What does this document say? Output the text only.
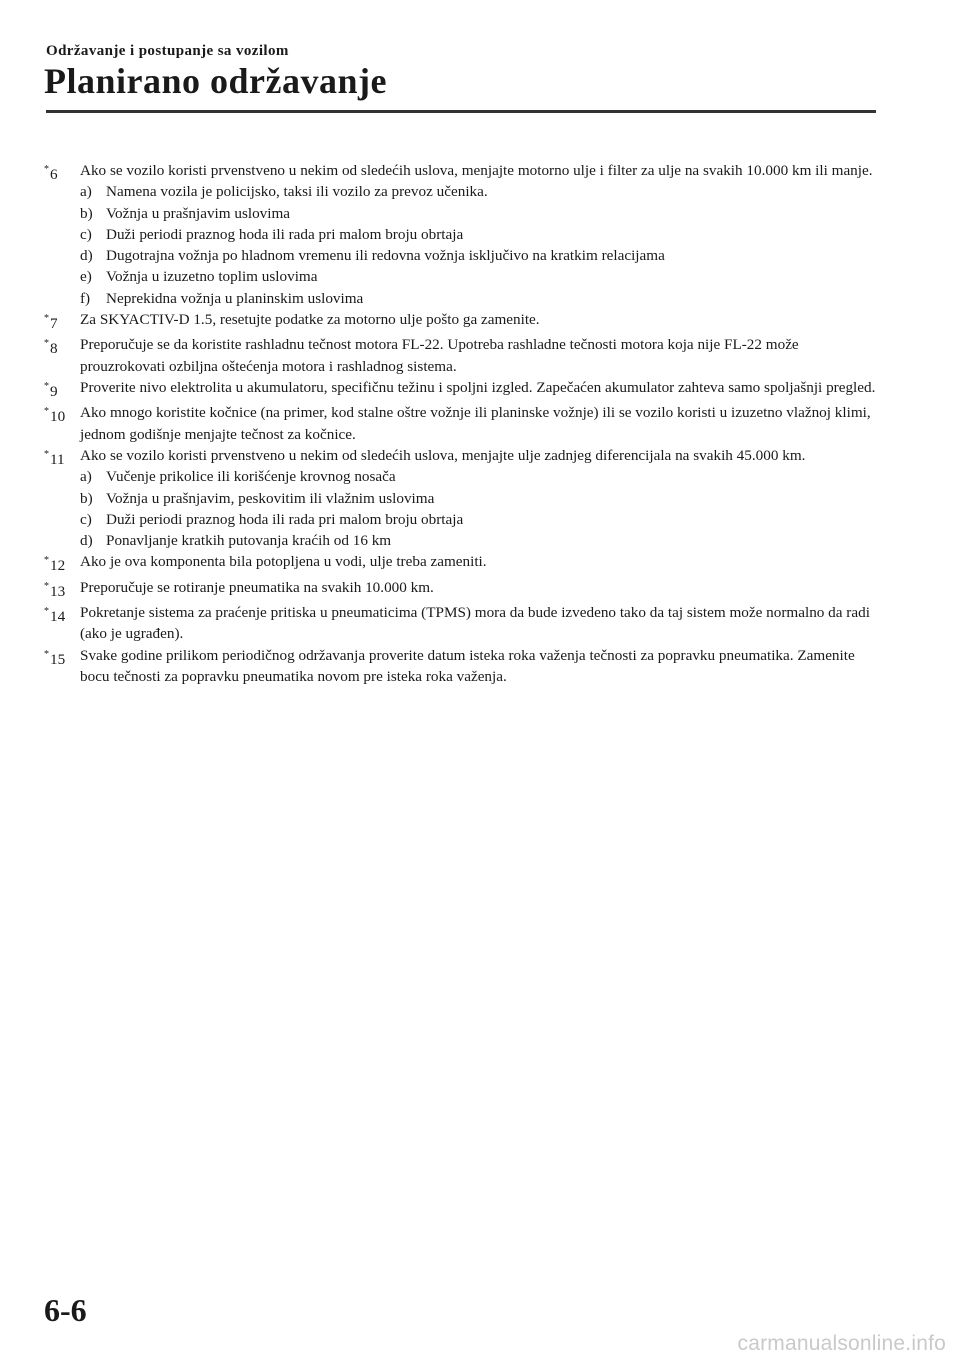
Održavanje i postupanje sa vozilom
Planirano održavanje
*6	Ako se vozilo koristi prvenstveno u nekim od sledećih uslova, menjajte motorno ulje i filter za ulje na svakih 10.000 km ili manje.
a) Namena vozila je policijsko, taksi ili vozilo za prevoz učenika.
b) Vožnja u prašnjavim uslovima
c) Duži periodi praznog hoda ili rada pri malom broju obrtaja
d) Dugotrajna vožnja po hladnom vremenu ili redovna vožnja isključivo na kratkim relacijama
e) Vožnja u izuzetno toplim uslovima
f)	Neprekidna vožnja u planinskim uslovima
*7	Za SKYACTIV-D 1.5, resetujte podatke za motorno ulje pošto ga zamenite.
*8	Preporučuje se da koristite rashladnu tečnost motora FL-22. Upotreba rashladne tečnosti motora koja nije FL-22 može prouzrokovati ozbiljna oštećenja motora i rashladnog sistema.
*9	Proverite nivo elektrolita u akumulatoru, specifičnu težinu i spoljni izgled. Zapečaćen akumulator zahteva samo spoljašnji pregled.
*10 Ako mnogo koristite kočnice (na primer, kod stalne oštre vožnje ili planinske vožnje) ili se vozilo koristi u izuzetno vlažnoj klimi, jednom godišnje menjajte tečnost za kočnice.
*11	Ako se vozilo koristi prvenstveno u nekim od sledećih uslova, menjajte ulje zadnjeg diferencijala na svakih 45.000 km.
a) Vučenje prikolice ili korišćenje krovnog nosača
b) Vožnja u prašnjavim, peskovitim ili vlažnim uslovima
c) Duži periodi praznog hoda ili rada pri malom broju obrtaja
d) Ponavljanje kratkih putovanja kraćih od 16 km
*12 Ako je ova komponenta bila potopljena u vodi, ulje treba zameniti.
*13 Preporučuje se rotiranje pneumatika na svakih 10.000 km.
*14 Pokretanje sistema za praćenje pritiska u pneumaticima (TPMS) mora da bude izvedeno tako da taj sistem može normalno da radi (ako je ugrađen).
*15 Svake godine prilikom periodičnog održavanja proverite datum isteka roka važenja tečnosti za popravku pneumatika. Zamenite bocu tečnosti za popravku pneumatika novom pre isteka roka važenja.
6-6
carmanualsonline.info
